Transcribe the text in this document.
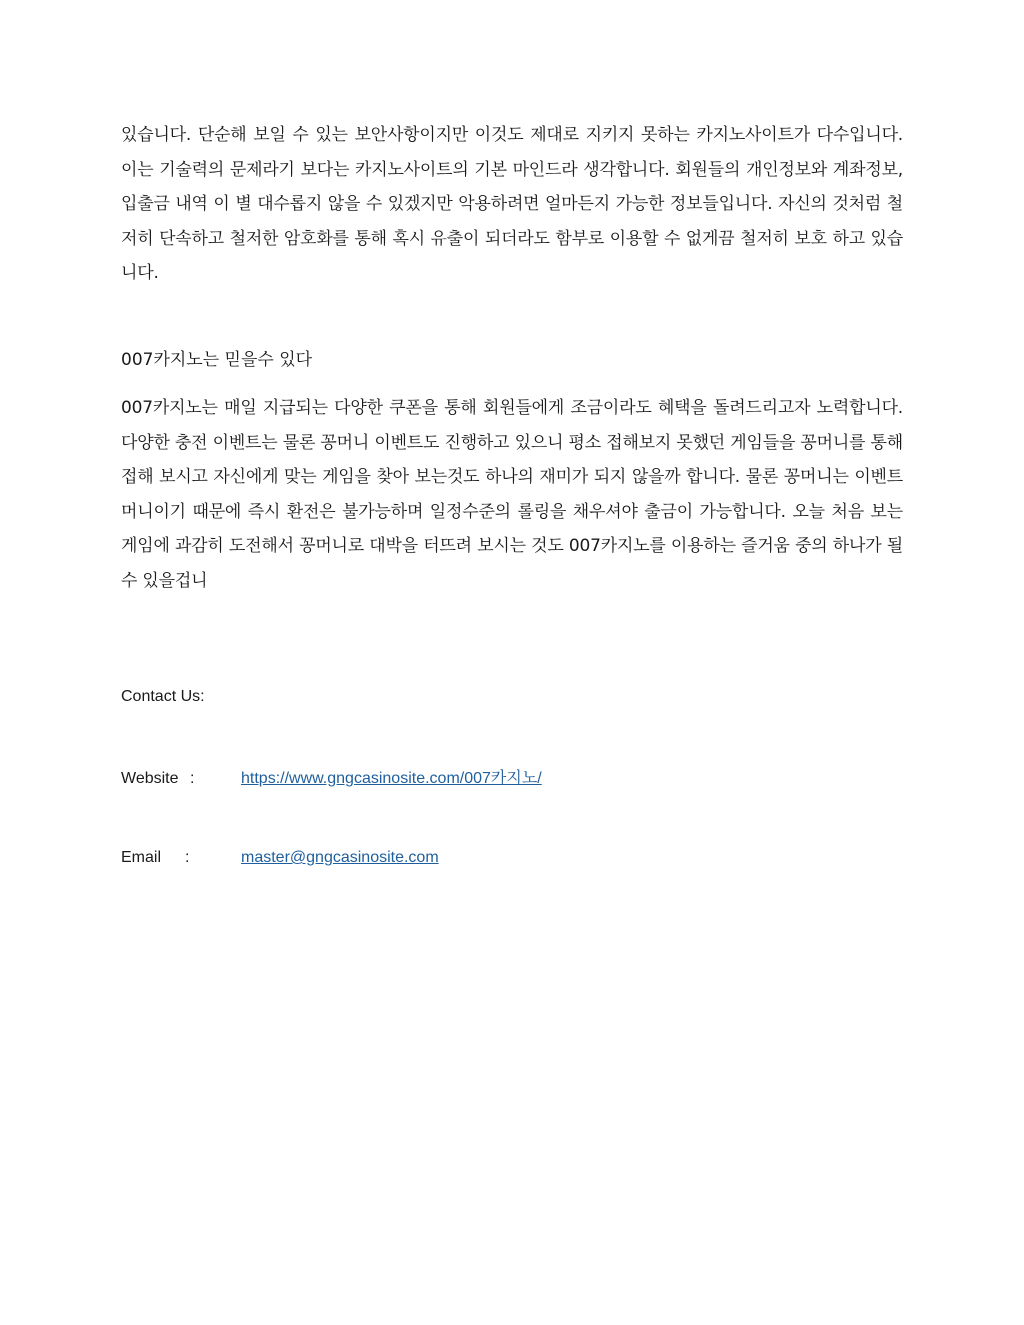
있습니다. 단순해 보일 수 있는 보안사항이지만 이것도 제대로 지키지 못하는 카지노사이트가 다수입니다. 이는 기술력의 문제라기 보다는 카지노사이트의 기본 마인드라 생각합니다. 회원들의 개인정보와 계좌정보, 입출금 내역 이 별 대수롭지 않을 수 있겠지만 악용하려면 얼마든지 가능한 정보들입니다. 자신의 것처럼 철저히 단속하고 철저한 암호화를 통해 혹시 유출이 되더라도 함부로 이용할 수 없게끔 철저히 보호 하고 있습니다.

007카지노는 믿을수 있다

007카지노는 매일 지급되는 다양한 쿠폰을 통해 회원들에게 조금이라도 혜택을 돌려드리고자 노력합니다. 다양한 충전 이벤트는 물론 꽁머니 이벤트도 진행하고 있으니 평소 접해보지 못했던 게임들을 꽁머니를 통해 접해 보시고 자신에게 맞는 게임을 찾아 보는것도 하나의 재미가 되지 않을까 합니다. 물론 꽁머니는 이벤트 머니이기 때문에 즉시 환전은 불가능하며 일정수준의 롤링을 채우셔야 출금이 가능합니다. 오늘 처음 보는 게임에 과감히 도전해서 꽁머니로 대박을 터뜨려 보시는 것도 007카지노를 이용하는 즐거움 중의 하나가 될수 있을겁니

Contact Us:
Website :	https://www.gngcasinosite.com/007카지노/
Email :	master@gngcasinosite.com
